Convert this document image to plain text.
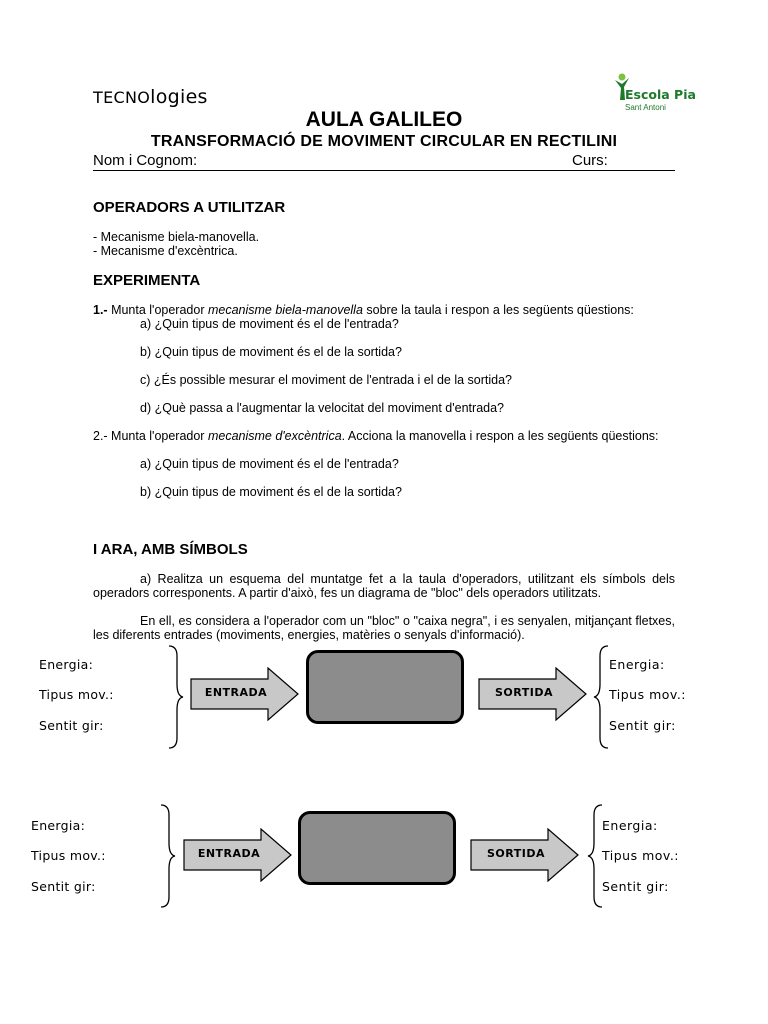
TECNOlogies	Escola Pia
Sant Antoni
AULA GALILEO
TRANSFORMACIÓ DE MOVIMENT CIRCULAR EN RECTILINI
Nom i Cognom:	Curs:
OPERADORS A UTILITZAR
- Mecanisme biela-manovella.
- Mecanisme d'excèntrica.
EXPERIMENTA
1.- Munta l'operador mecanisme biela-manovella sobre la taula i respon a les següents qüestions:
a) ¿Quin tipus de moviment és el de l'entrada?
b) ¿Quin tipus de moviment és el de la sortida?
c) ¿És possible mesurar el moviment de l'entrada i el de la sortida?
d) ¿Què passa a l'augmentar la velocitat del moviment d'entrada?
2.- Munta l'operador mecanisme d'excèntrica. Acciona la manovella i respon a les següents qüestions:
a) ¿Quin tipus de moviment és el de l'entrada?
b) ¿Quin tipus de moviment és el de la sortida?
I ARA, AMB SÍMBOLS
a) Realitza un esquema del muntatge fet a la taula d'operadors, utilitzant els símbols dels operadors corresponents. A partir d'això, fes un diagrama de "bloc" dels operadors utilitzats.
En ell, es considera a l'operador com un "bloc" o "caixa negra", i es senyalen, mitjançant fletxes, les diferents entrades (moviments, energies, matèries o senyals d'informació).
Energia:
Tipus mov.:
Sentit gir:
ENTRADA	SORTIDA
Energia:
Tipus mov.:
Sentit gir:
Energia:
Tipus mov.:
Sentit gir:
ENTRADA	SORTIDA
Energia:
Tipus mov.:
Sentit gir:
